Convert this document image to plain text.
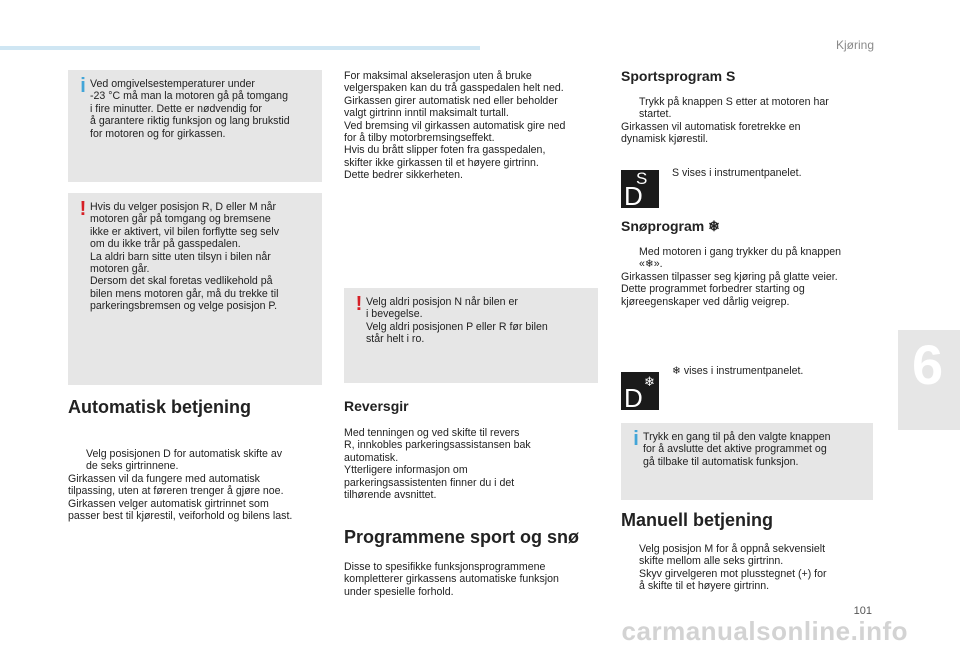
Kjøring
6
i Ved omgivelsestemperaturer under

-23 °C må man la motoren gå på tomgang

i fire minutter. Dette er nødvendig for

å garantere riktig funksjon og lang brukstid

for motoren og for girkassen.

! Hvis du velger posisjon R, D eller M når

motoren går på tomgang og bremsene

ikke er aktivert, vil bilen forflytte seg selv

om du ikke trår på gasspedalen.

La aldri barn sitte uten tilsyn i bilen når

motoren går.

Dersom det skal foretas vedlikehold på

bilen mens motoren går, må du trekke til

parkeringsbremsen og velge posisjon P.

Automatisk betjening

Velg posisjonen D for automatisk skifte av

de seks girtrinnene.

Girkassen vil da fungere med automatisk

tilpassing, uten at føreren trenger å gjøre noe.

Girkassen velger automatisk girtrinnet som

passer best til kjørestil, veiforhold og bilens last.

For maksimal akselerasjon uten å bruke

velgerspaken kan du trå gasspedalen helt ned.

Girkassen girer automatisk ned eller beholder

valgt girtrinn inntil maksimalt turtall.

Ved bremsing vil girkassen automatisk gire ned

for å tilby motorbremsingseffekt.

Hvis du brått slipper foten fra gasspedalen,

skifter ikke girkassen til et høyere girtrinn.

Dette bedrer sikkerheten.

! Velg aldri posisjon N når bilen er

i bevegelse.

Velg aldri posisjonen P eller R før bilen

står helt i ro.

Reversgir

Med tenningen og ved skifte til revers

R, innkobles parkeringsassistansen bak

automatisk.

Ytterligere informasjon om

parkeringsassistenten finner du i det

tilhørende avsnittet.

Programmene sport og snø

Disse to spesifikke funksjonsprogrammene

kompletterer girkassens automatiske funksjon

under spesielle forhold.

Sportsprogram S

Trykk på knappen S etter at motoren har

startet.

Girkassen vil automatisk foretrekke en

dynamisk kjørestil.

S
D
S vises i instrumentpanelet.
Snøprogram ❄

Med motoren i gang trykker du på knappen

«❄».

Girkassen tilpasser seg kjøring på glatte veier.

Dette programmet forbedrer starting og

kjøreegenskaper ved dårlig veigrep.

❄
D
❄ vises i instrumentpanelet.
i Trykk en gang til på den valgte knappen

for å avslutte det aktive programmet og

gå tilbake til automatisk funksjon.

Manuell betjening

Velg posisjon M for å oppnå sekvensielt

skifte mellom alle seks girtrinn.

Skyv girvelgeren mot plusstegnet (+) for

å skifte til et høyere girtrinn.

101
carmanualsonline.info
